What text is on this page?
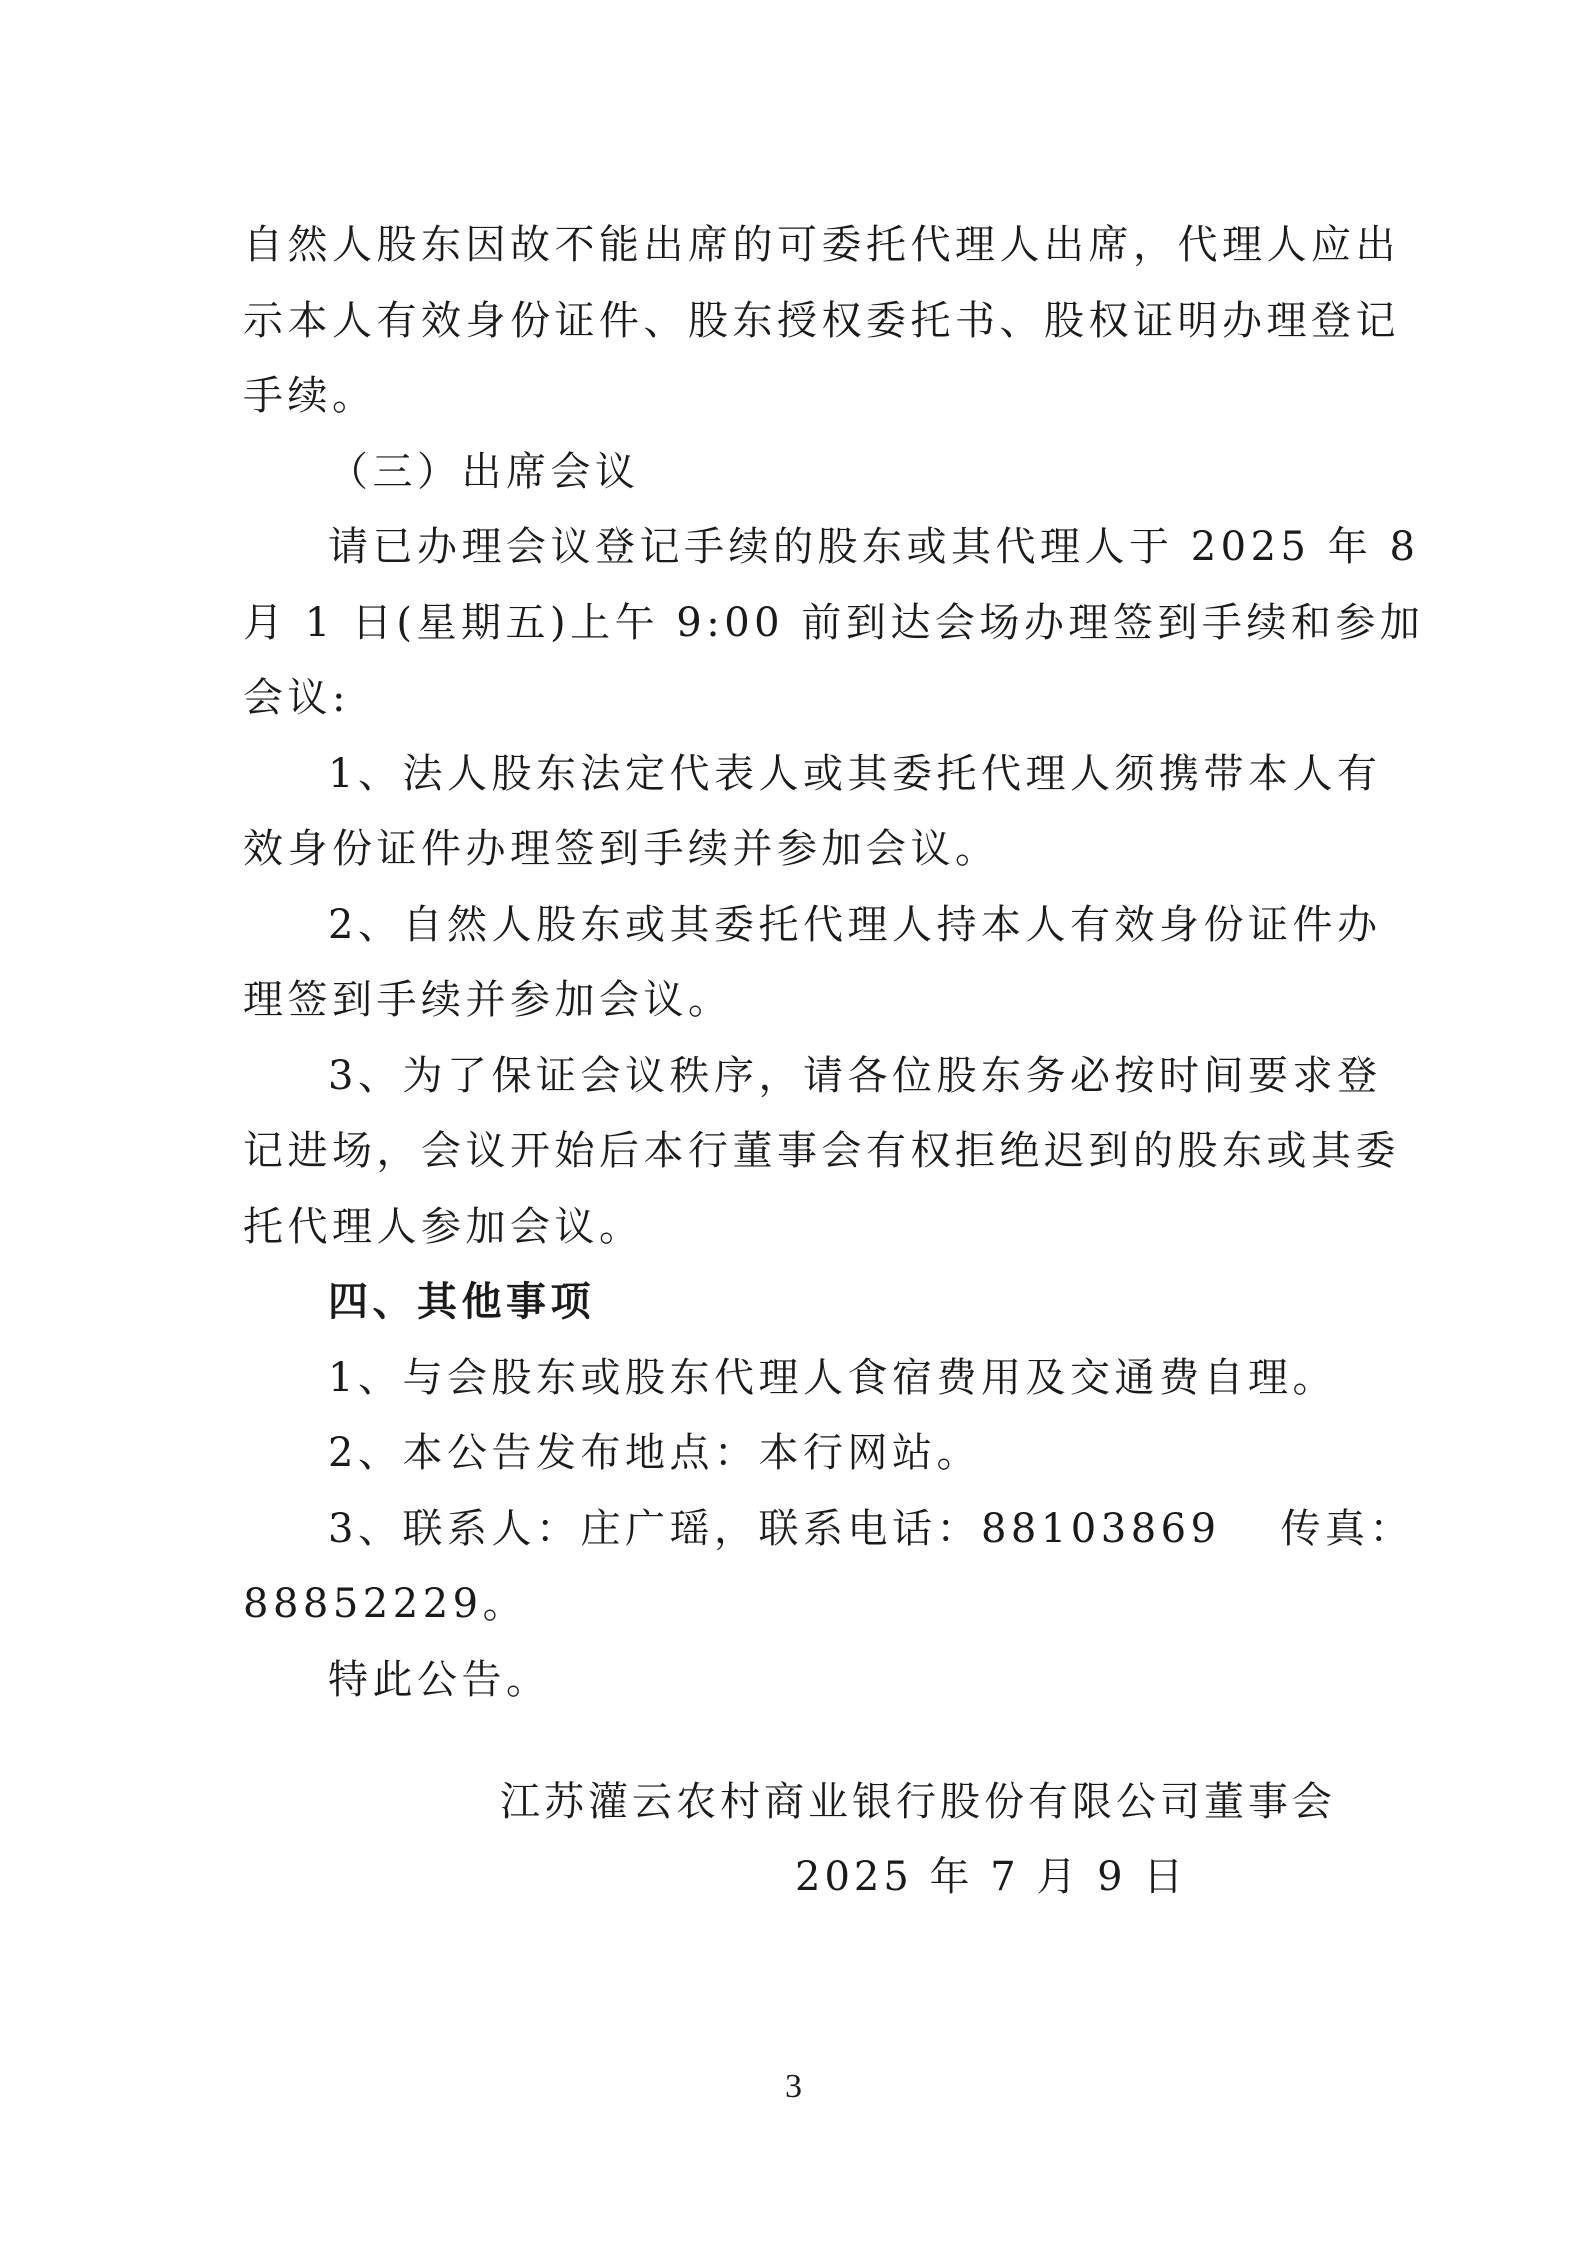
自然人股东因故不能出席的可委托代理人出席，代理人应出
示本人有效身份证件、股东授权委托书、股权证明办理登记
手续。
（三）出席会议
请已办理会议登记手续的股东或其代理人于 2025 年 8
月 1 日(星期五)上午 9:00 前到达会场办理签到手续和参加
会议:
1、法人股东法定代表人或其委托代理人须携带本人有
效身份证件办理签到手续并参加会议。
2、自然人股东或其委托代理人持本人有效身份证件办
理签到手续并参加会议。
3、为了保证会议秩序，请各位股东务必按时间要求登
记进场，会议开始后本行董事会有权拒绝迟到的股东或其委
托代理人参加会议。
四、其他事项
1、与会股东或股东代理人食宿费用及交通费自理。
2、本公告发布地点：本行网站。
3、联系人：庄广瑶，联系电话：88103869 传真：
88852229。
特此公告。
江苏灌云农村商业银行股份有限公司董事会
2025 年 7 月 9 日
3
